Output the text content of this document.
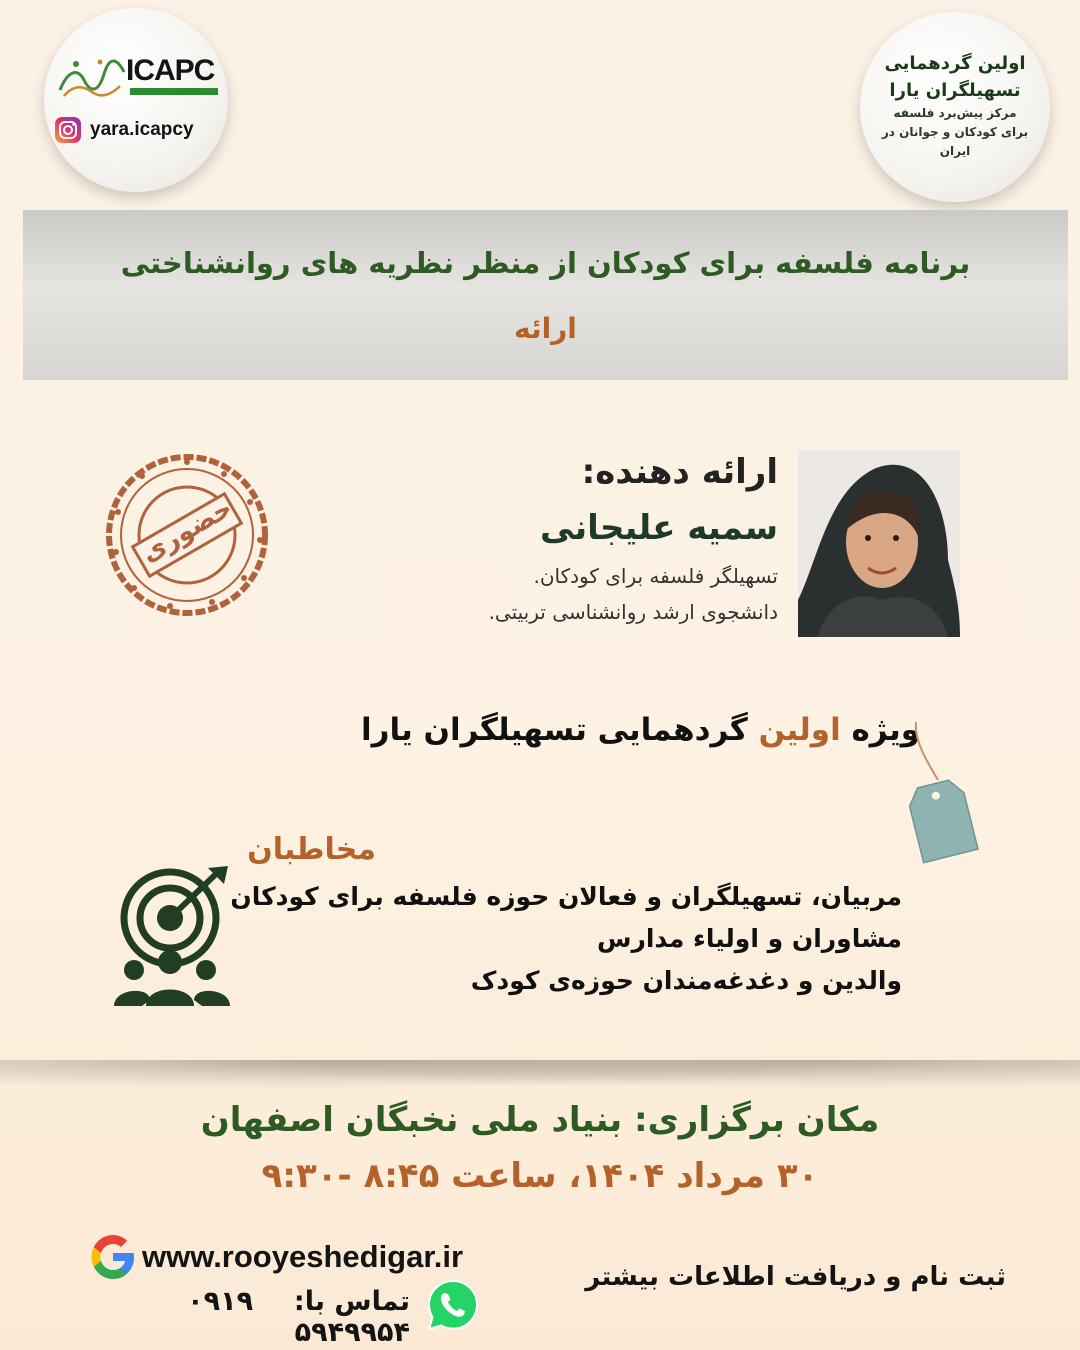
ICAPC
yara.icapcy
اولین گردهمایی
تسهیلگران یارا
مرکز پیش‌برد فلسفه
برای کودکان و جوانان در
ایران
برنامه فلسفه برای کودکان از منظر نظریه های روانشناختی
ارائه
حضوری
ارائه دهنده:
سمیه علیجانی
تسهیلگر فلسفه برای کودکان.
دانشجوی ارشد روانشناسی تربیتی.
ویژه اولین گردهمایی تسهیلگران یارا
مخاطبان
مربیان، تسهیلگران و فعالان حوزه فلسفه برای کودکان
مشاوران و اولیاء مدارس
والدین و دغدغه‌مندان حوزه‌ی کودک
مکان برگزاری: بنیاد ملی نخبگان اصفهان
۳۰ مرداد ۱۴۰۴، ساعت ۸:۴۵ -۹:۳۰
www.rooyeshedigar.ir
تماس با:  ۰۹۱۹ ۵۹۴۹۹۵۴
ثبت نام و دریافت اطلاعات بیشتر
